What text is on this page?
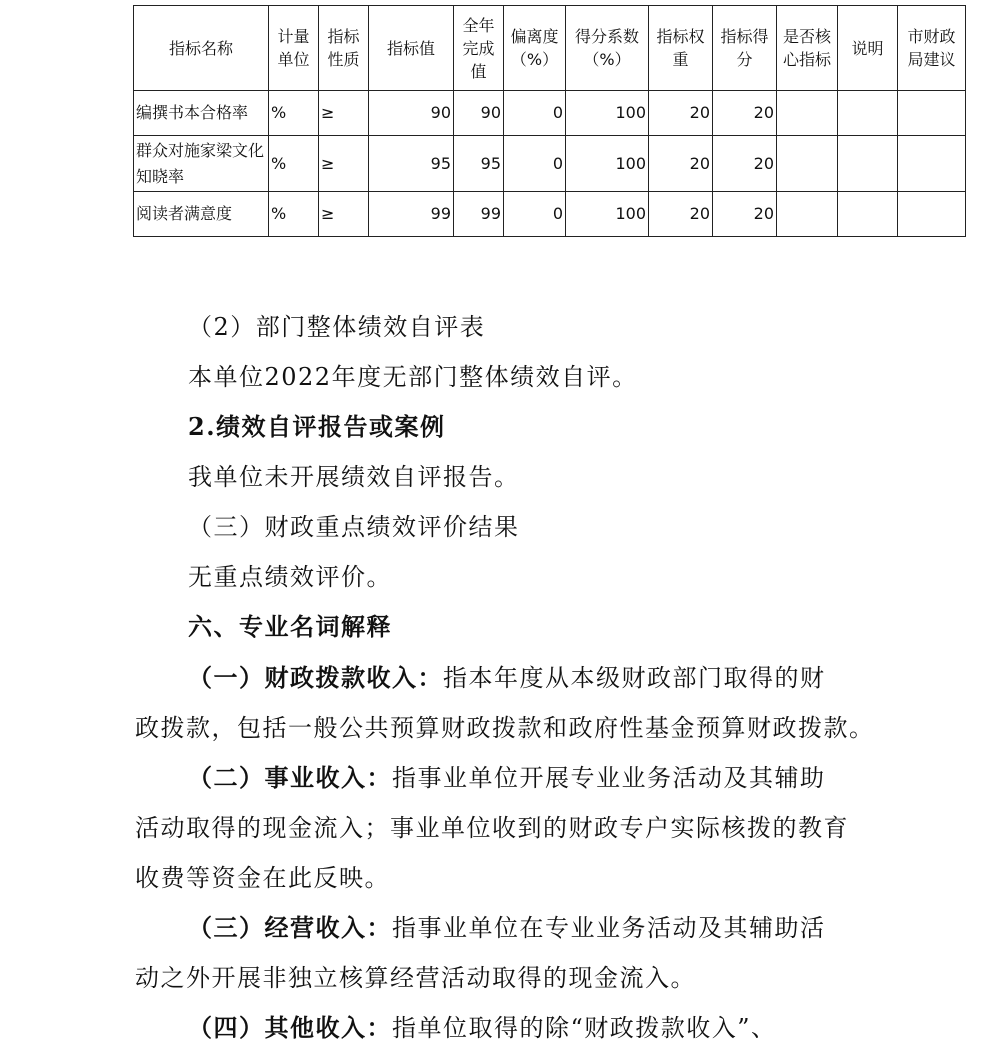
指标名称	计量单位	指标性质	指标值	全年完成值	偏离度（%）	得分系数（%）	指标权重	指标得分	是否核心指标	说明	市财政局建议
编撰书本合格率	%	≥	90	90	0	100	20	20			
群众对施家梁文化知晓率	%	≥	95	95	0	100	20	20			
阅读者满意度	%	≥	99	99	0	100	20	20			
（2）部门整体绩效自评表
本单位2022年度无部门整体绩效自评。
2.绩效自评报告或案例
我单位未开展绩效自评报告。
（三）财政重点绩效评价结果
无重点绩效评价。
六、专业名词解释
（一）财政拨款收入：指本年度从本级财政部门取得的财
政拨款，包括一般公共预算财政拨款和政府性基金预算财政拨款。
（二）事业收入：指事业单位开展专业业务活动及其辅助
活动取得的现金流入；事业单位收到的财政专户实际核拨的教育
收费等资金在此反映。
（三）经营收入：指事业单位在专业业务活动及其辅助活
动之外开展非独立核算经营活动取得的现金流入。
（四）其他收入：指单位取得的除“财政拨款收入”、
